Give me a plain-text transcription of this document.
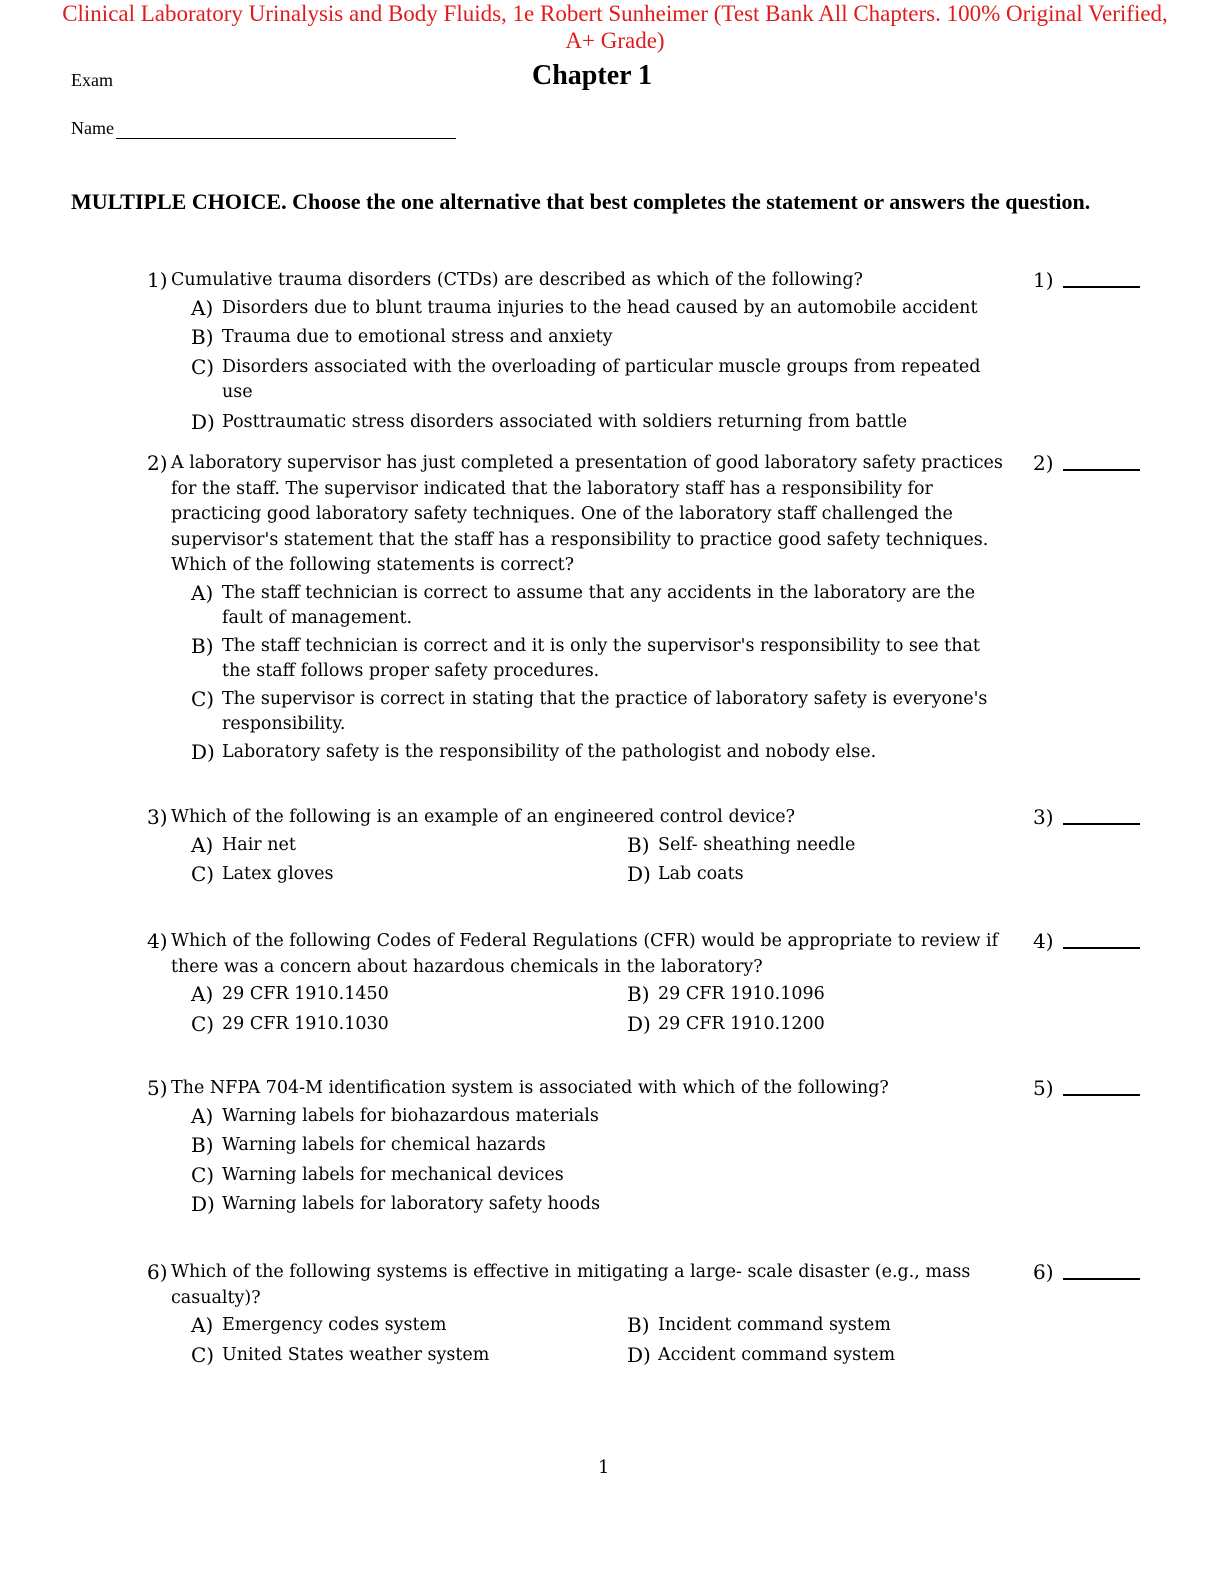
Clinical Laboratory Urinalysis and Body Fluids, 1e Robert Sunheimer (Test Bank All Chapters. 100% Original Verified, A+ Grade)
Exam	Chapter 1
Name
MULTIPLE CHOICE. Choose the one alternative that best completes the statement or answers the question.
1) Cumulative trauma disorders (CTDs) are described as which of the following?
A) Disorders due to blunt trauma injuries to the head caused by an automobile accident
B) Trauma due to emotional stress and anxiety
C) Disorders associated with the overloading of particular muscle groups from repeated use
D) Posttraumatic stress disorders associated with soldiers returning from battle
1)
2) A laboratory supervisor has just completed a presentation of good laboratory safety practices for the staff. The supervisor indicated that the laboratory staff has a responsibility for practicing good laboratory safety techniques. One of the laboratory staff challenged the supervisor's statement that the staff has a responsibility to practice good safety techniques. Which of the following statements is correct?
A) The staff technician is correct to assume that any accidents in the laboratory are the fault of management.
B) The staff technician is correct and it is only the supervisor's responsibility to see that the staff follows proper safety procedures.
C) The supervisor is correct in stating that the practice of laboratory safety is everyone's responsibility.
D) Laboratory safety is the responsibility of the pathologist and nobody else.
2)
3) Which of the following is an example of an engineered control device?
A) Hair net	B) Self- sheathing needle
C) Latex gloves	D) Lab coats
3)
4) Which of the following Codes of Federal Regulations (CFR) would be appropriate to review if there was a concern about hazardous chemicals in the laboratory?
A) 29 CFR 1910.1450	B) 29 CFR 1910.1096
C) 29 CFR 1910.1030	D) 29 CFR 1910.1200
4)
5) The NFPA 704-M identification system is associated with which of the following?
A) Warning labels for biohazardous materials
B) Warning labels for chemical hazards
C) Warning labels for mechanical devices
D) Warning labels for laboratory safety hoods
5)
6) Which of the following systems is effective in mitigating a large- scale disaster (e.g., mass casualty)?
A) Emergency codes system	B) Incident command system
C) United States weather system	D) Accident command system
6)
1
